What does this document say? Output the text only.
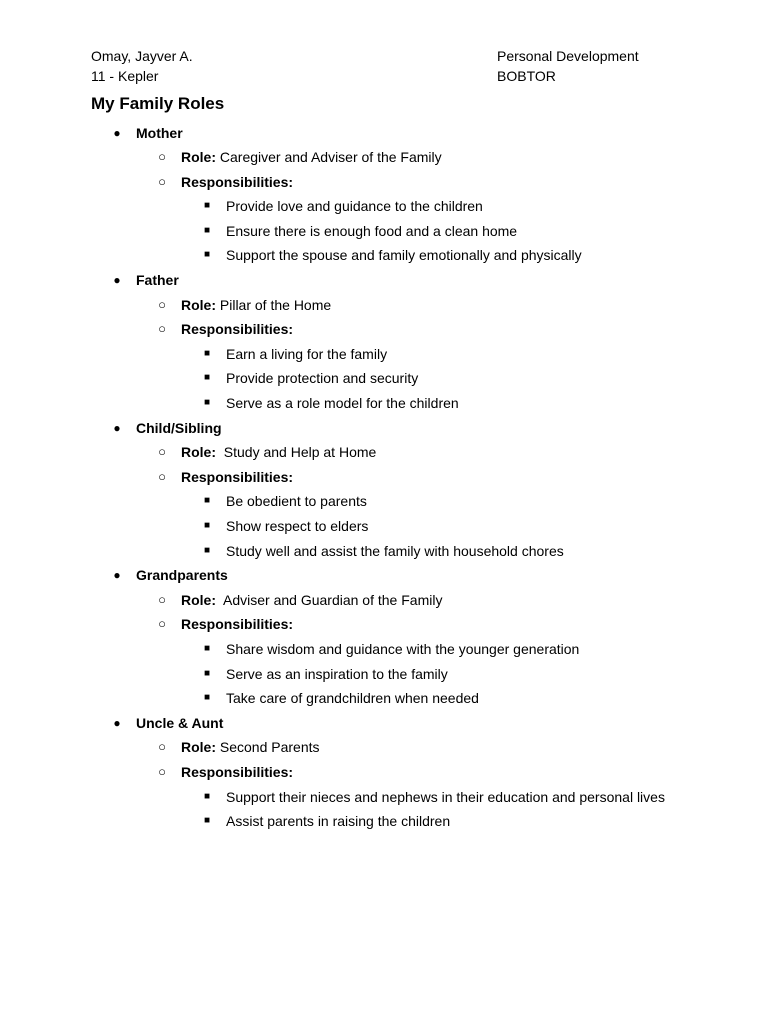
Omay, Jayver A.
11 - Kepler
Personal Development
BOBTOR
My Family Roles
● Mother
○ Role: Caregiver and Adviser of the Family
○ Responsibilities:
■ Provide love and guidance to the children
■ Ensure there is enough food and a clean home
■ Support the spouse and family emotionally and physically
● Father
○ Role: Pillar of the Home
○ Responsibilities:
■ Earn a living for the family
■ Provide protection and security
■ Serve as a role model for the children
● Child/Sibling
○ Role:  Study and Help at Home
○ Responsibilities:
■ Be obedient to parents
■ Show respect to elders
■ Study well and assist the family with household chores
● Grandparents
○ Role:  Adviser and Guardian of the Family
○ Responsibilities:
■ Share wisdom and guidance with the younger generation
■ Serve as an inspiration to the family
■ Take care of grandchildren when needed
● Uncle & Aunt
○ Role: Second Parents
○ Responsibilities:
■ Support their nieces and nephews in their education and personal lives
■ Assist parents in raising the children
